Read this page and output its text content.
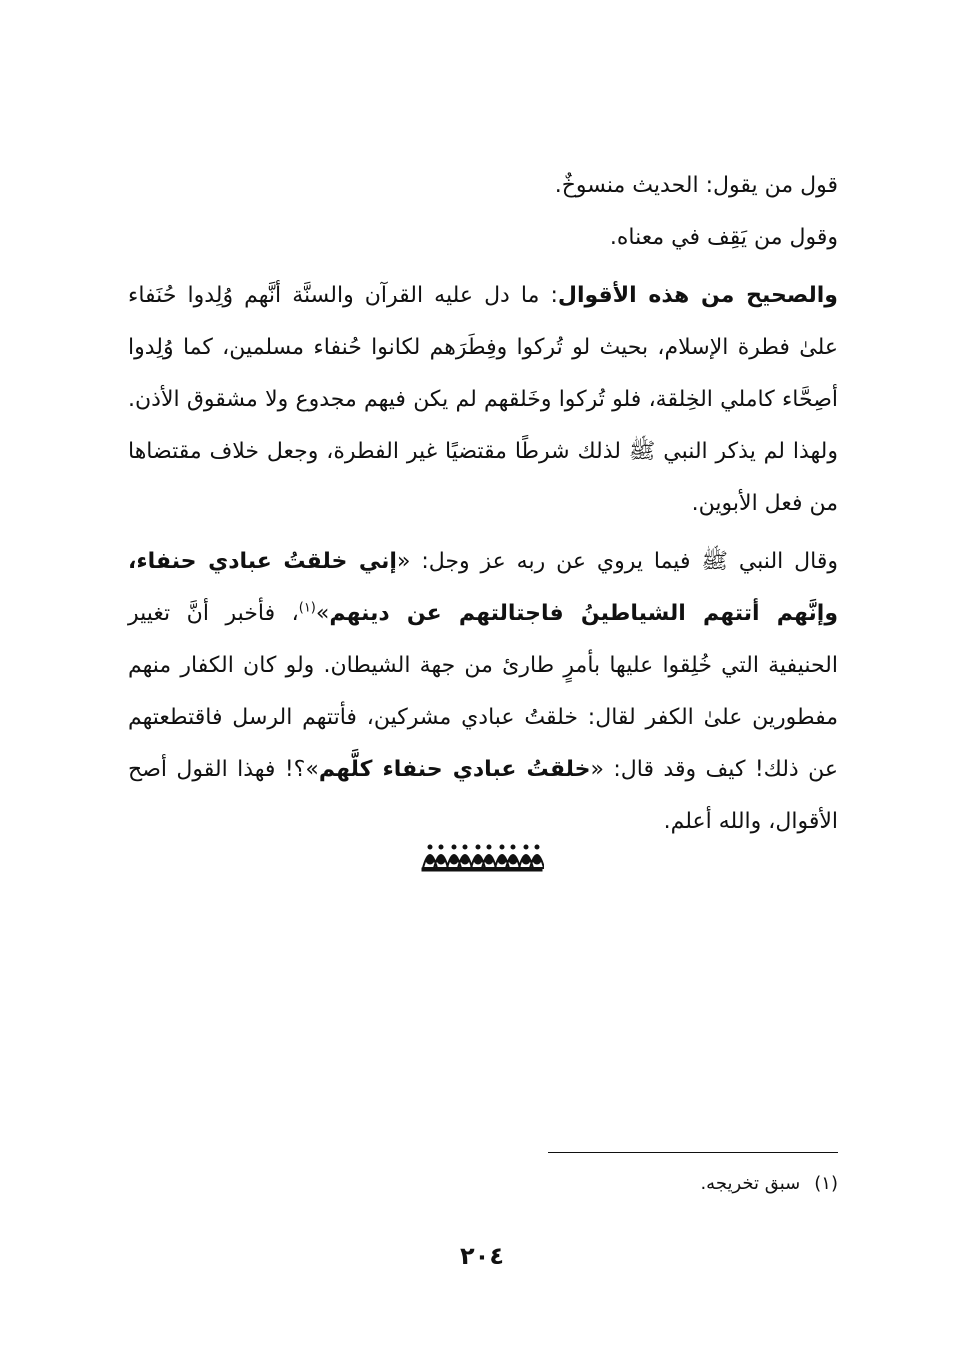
قول من يقول: الحديث منسوخٌ.

وقول من يَقِف في معناه.

والصحيح من هذه الأقوال: ما دل عليه القرآن والسنَّة أنَّهم وُلِدوا حُنَفاء علىٰ فطرة الإسلام، بحيث لو تُركوا وفِطَرَهم لكانوا حُنفاء مسلمين، كما وُلِدوا أصِحَّاء كاملي الخِلقة، فلو تُركوا وخَلقهم لم يكن فيهم مجدوع ولا مشقوق الأذن. ولهذا لم يذكر النبي ﷺ لذلك شرطًا مقتضيًا غير الفطرة، وجعل خلاف مقتضاها من فعل الأبوين.

وقال النبي ﷺ فيما يروي عن ربه عز وجل: «إني خلقتُ عبادي حنفاء، وإنَّهم أتتهم الشياطينُ فاجتالتهم عن دينهم»$^{(١)}$، فأخبر أنَّ تغيير الحنيفية التي خُلِقوا عليها بأمرٍ طارئ من جهة الشيطان. ولو كان الكفار منهم مفطورين علىٰ الكفر لقال: خلقتُ عبادي مشركين، فأتتهم الرسل فاقتطعتهم عن ذلك! كيف وقد قال: «خلقتُ عبادي حنفاء كلَّهم»؟! فهذا القول أصح الأقوال، والله أعلم.

(١)سبق تخريجه.
٢٠٤
